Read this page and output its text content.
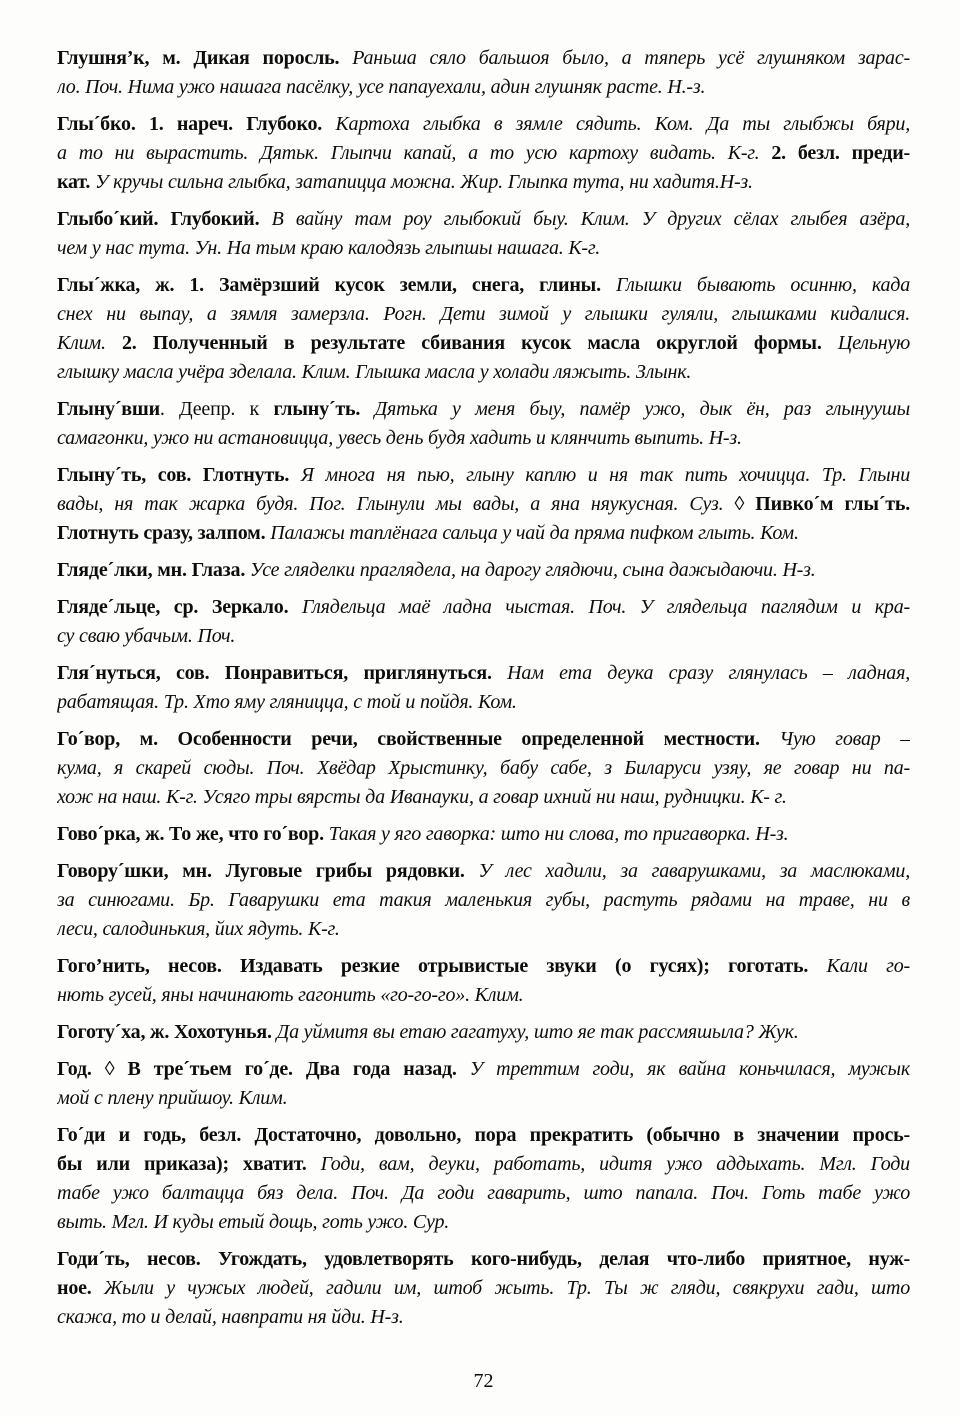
Глушня’к, м. Дикая поросль. Раньша сяло бальшоя было, а тяперь усё глушняком зарас-
ло. Поч. Нима ужо нашага пасёлку, усе папауехали, адин глушняк расте. Н.-з.
Глы´бко. 1. нареч. Глубоко. Картоха глыбка в зямле сядить. Ком. Да ты глыбжы бяри,
а то ни вырастить. Дятьк. Глыпчи капай, а то усю картоху видать. К-г. 2. безл. преди-
кат. У кручы сильна глыбка, затапицца можна. Жир. Глыпка тута, ни хадитя.Н-з.
Глыбо´кий. Глубокий. В вайну там роу глыбокий быу. Клим. У других сёлах глыбея азёра,
чем у нас тута. Ун. На тым краю калодязь глыпшы нашага. К-г.
Глы´жка, ж. 1. Замёрзший кусок земли, снега, глины. Глышки бывають осинню, када
снех ни выпау, а зямля замерзла. Рогн. Дети зимой у глышки гуляли, глышками кидалися.
Клим. 2. Полученный в результате сбивания кусок масла округлой формы. Цельную
глышку масла учёра зделала. Клим. Глышка масла у холади ляжыть. Злынк.
Глыну´вши. Деепр. к глыну´ть. Дятька у меня быу, памёр ужо, дык ён, раз глынуушы
самагонки, ужо ни астановицца, увесь день будя хадить и клянчить выпить. Н-з.
Глыну´ть, сов. Глотнуть. Я многа ня пью, глыну каплю и ня так пить хочицца. Тр. Глыни
вады, ня так жарка будя. Пог. Глынули мы вады, а яна няукусная. Суз. ◊ Пивко´м глы´ть.
Глотнуть сразу, залпом. Палажы таплёнага сальца у чай да пряма пифком глыть. Ком.
Гляде´лки, мн. Глаза. Усе гляделки праглядела, на дарогу глядючи, сына дажыдаючи. Н-з.
Гляде´льце, ср. Зеркало. Глядельца маё ладна чыстая. Поч. У глядельца паглядим и кра-
су сваю убачым. Поч.
Гля´нуться, сов. Понравиться, приглянуться. Нам ета деука сразу глянулась – ладная,
рабатящая. Тр. Хто яму гляницца, с той и пойдя. Ком.
Го´вор, м. Особенности речи, свойственные определенной местности. Чую говар –
кума, я скарей сюды. Поч. Хвёдар Хрыстинку, бабу сабе, з Биларуси узяу, яе говар ни па-
хож на наш. К-г. Усяго тры вярсты да Иванауки, а говар ихний ни наш, рудницки. К- г.
Гово´рка, ж. То же, что го´вор. Такая у яго гаворка: што ни слова, то пригаворка. Н-з.
Говору´шки, мн. Луговые грибы рядовки. У лес хадили, за гаварушками, за маслюками,
за синюгами. Бр. Гаварушки ета такия маленькия губы, растуть рядами на траве, ни в
леси, салодинькия, йих ядуть. К-г.
Гого’нить, несов. Издавать резкие отрывистые звуки (о гусях); гоготать. Кали го-
нють гусей, яны начинають гагонить «го-го-го». Клим.
Гоготу´ха, ж. Хохотунья. Да уймитя вы етаю гагатуху, што яе так рассмяшыла? Жук.
Год. ◊ В тре´тьем го´де. Два года назад. У треттим годи, як вайна коньчилася, мужык
мой с плену прийшоу. Клим.
Го´ди и годь, безл. Достаточно, довольно, пора прекратить (обычно в значении прось-
бы или приказа); хватит. Годи, вам, деуки, работать, идитя ужо аддыхать. Мгл. Годи
табе ужо балтацца бяз дела. Поч. Да годи гаварить, што папала. Поч. Готь табе ужо
выть. Мгл. И куды етый дощь, готь ужо. Сур.
Годи´ть, несов. Угождать, удовлетворять кого-нибудь, делая что-либо приятное, нуж-
ное. Жыли у чужых людей, гадили им, штоб жыть. Тр. Ты ж гляди, свякрухи гади, што
скажа, то и делай, навпрати ня йди. Н-з.
72
